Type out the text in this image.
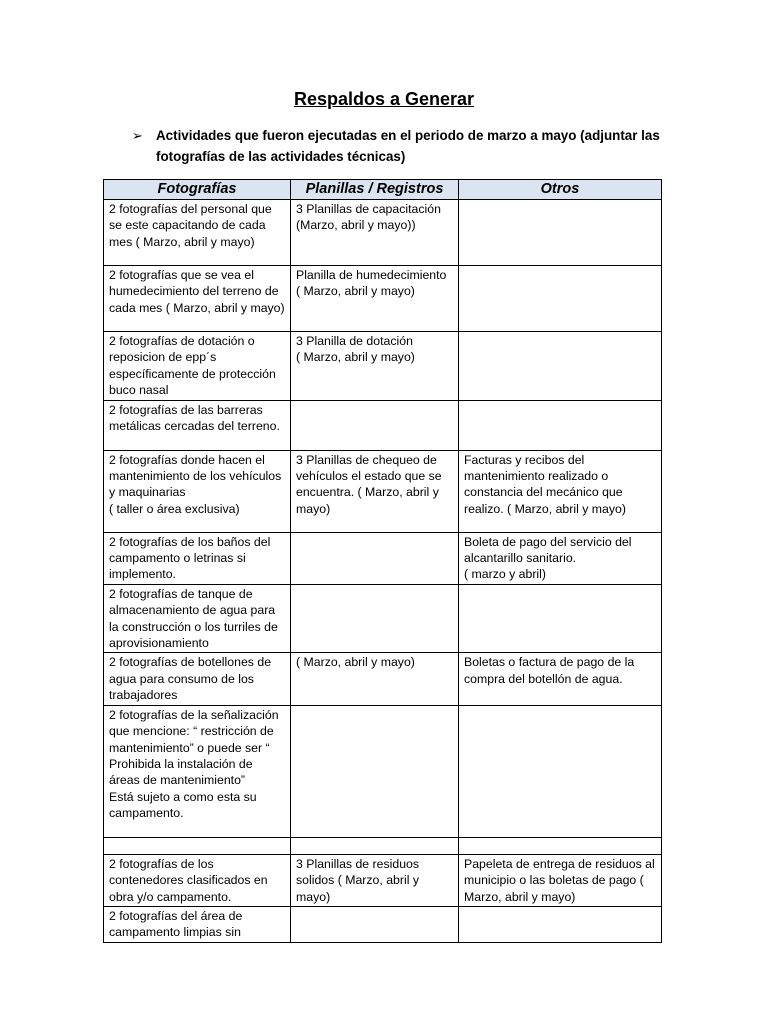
Respaldos a Generar
➢ Actividades que fueron ejecutadas en el periodo de marzo a mayo (adjuntar las fotografías de las actividades técnicas)
Fotografías	Planillas / Registros	Otros

2 fotografías del personal que se este capacitando de cada mes ( Marzo, abril y mayo)	3 Planillas de capacitación (Marzo, abril y mayo))	

2 fotografías que se vea el humedecimiento del terreno de cada mes ( Marzo, abril y mayo)	Planilla de humedecimiento ( Marzo, abril y mayo)	

2 fotografías de dotación o reposicion de epp´s específicamente de protección buco nasal	3 Planilla de dotación
( Marzo, abril y mayo)	

2 fotografías de las barreras metálicas cercadas del terreno.		

2 fotografías donde hacen el mantenimiento de los vehículos y maquinarias
( taller o área exclusiva)	3 Planillas de chequeo de vehículos el estado que se encuentra. ( Marzo, abril y mayo)	Facturas y recibos del mantenimiento realizado o constancia del mecánico que realizo. ( Marzo, abril y mayo)

2 fotografías de los baños del campamento o letrinas si implemento.		Boleta de pago del servicio del alcantarillo sanitario.
( marzo y abril)

2 fotografías de tanque de almacenamiento de agua para la construcción o los turriles de aprovisionamiento		

2 fotografías de botellones de agua para consumo de los trabajadores	( Marzo, abril y mayo)	Boletas o factura de pago de la compra del botellón de agua.

2 fotografías de la señalización que mencione: “ restricción de mantenimiento” o puede ser “ Prohibida la instalación de áreas de mantenimiento”
Está sujeto a como esta su campamento.		

2 fotografías de los contenedores clasificados en obra y/o campamento.	3 Planillas de residuos solidos ( Marzo, abril y mayo)	Papeleta de entrega de residuos al municipio o las boletas de pago ( Marzo, abril y mayo)

2 fotografías del área de campamento limpias sin		
